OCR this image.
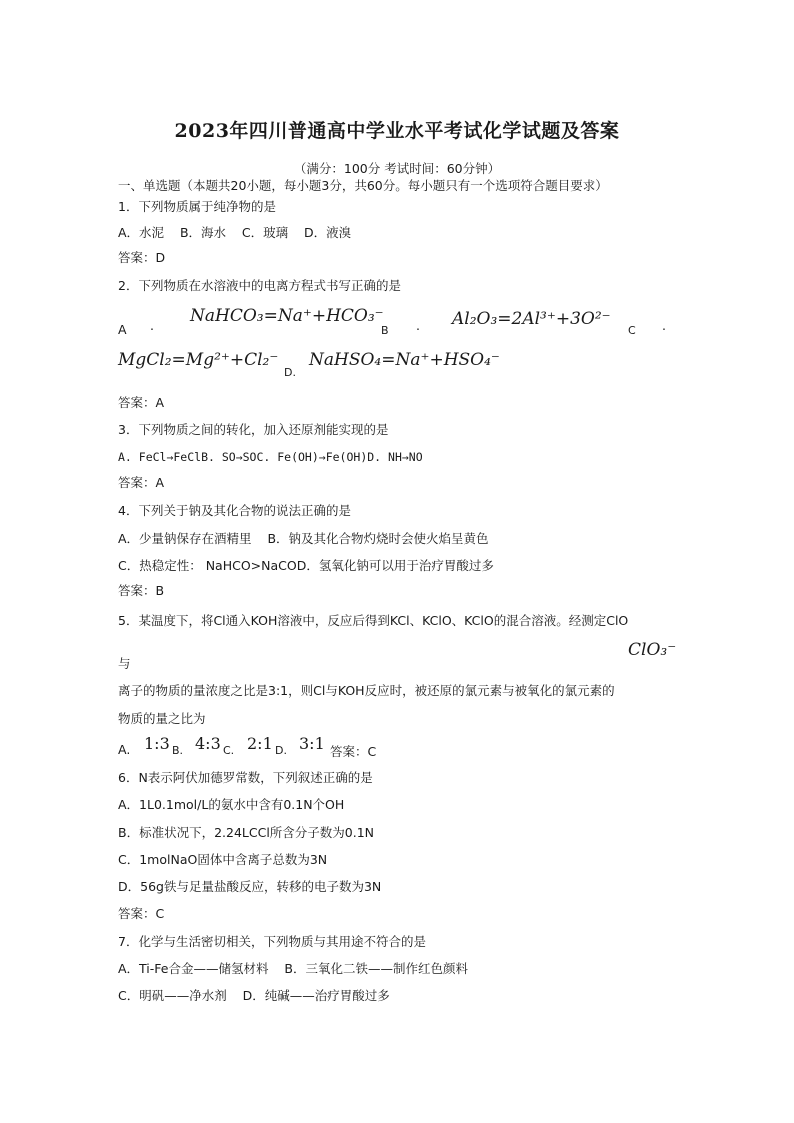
2023年四川普通高中学业水平考试化学试题及答案
（满分：100分 考试时间：60分钟）
一、单选题（本题共20小题，每小题3分，共60分。每小题只有一个选项符合题目要求）
1．下列物质属于纯净物的是
A．水泥    B．海水    C．玻璃    D．液溴
答案：D
2．下列物质在水溶液中的电离方程式书写正确的是
A . NaHCO₃=Na⁺+HCO₃⁻
B . Al₂O₃=2Al³⁺+3O²⁻
C .
MgCl₂=Mg²⁺+Cl₂⁻
D.
NaHSO₄=Na⁺+HSO₄⁻
答案：A
3．下列物质之间的转化，加入还原剂能实现的是
A. FeCl→FeClB. SO→SOC. Fe(OH)→Fe(OH)D. NH→NO
答案：A
4．下列关于钠及其化合物的说法正确的是
A．少量钠保存在酒精里    B．钠及其化合物灼烧时会使火焰呈黄色
C．热稳定性： NaHCO>NaCOD．氢氧化钠可以用于治疗胃酸过多
答案：B
5．某温度下，将Cl通入KOH溶液中，反应后得到KCl、KClO、KClO的混合溶液。经测定ClO
ClO₃⁻
与
离子的物质的量浓度之比是3:1，则Cl与KOH反应时，被还原的氯元素与被氧化的氯元素的
物质的量之比为
A. 1:3 B. 4:3 C. 2:1 D. 3:1 答案：C
6．N表示阿伏加德罗常数，下列叙述正确的是
A．1L0.1mol/L的氨水中含有0.1N个OH
B．标准状况下，2.24LCCl所含分子数为0.1N
C．1molNaO固体中含离子总数为3N
D．56g铁与足量盐酸反应，转移的电子数为3N
答案：C
7．化学与生活密切相关，下列物质与其用途不符合的是
A．Ti-Fe合金——储氢材料    B．三氧化二铁——制作红色颜料
C．明矾——净水剂    D．纯碱——治疗胃酸过多
